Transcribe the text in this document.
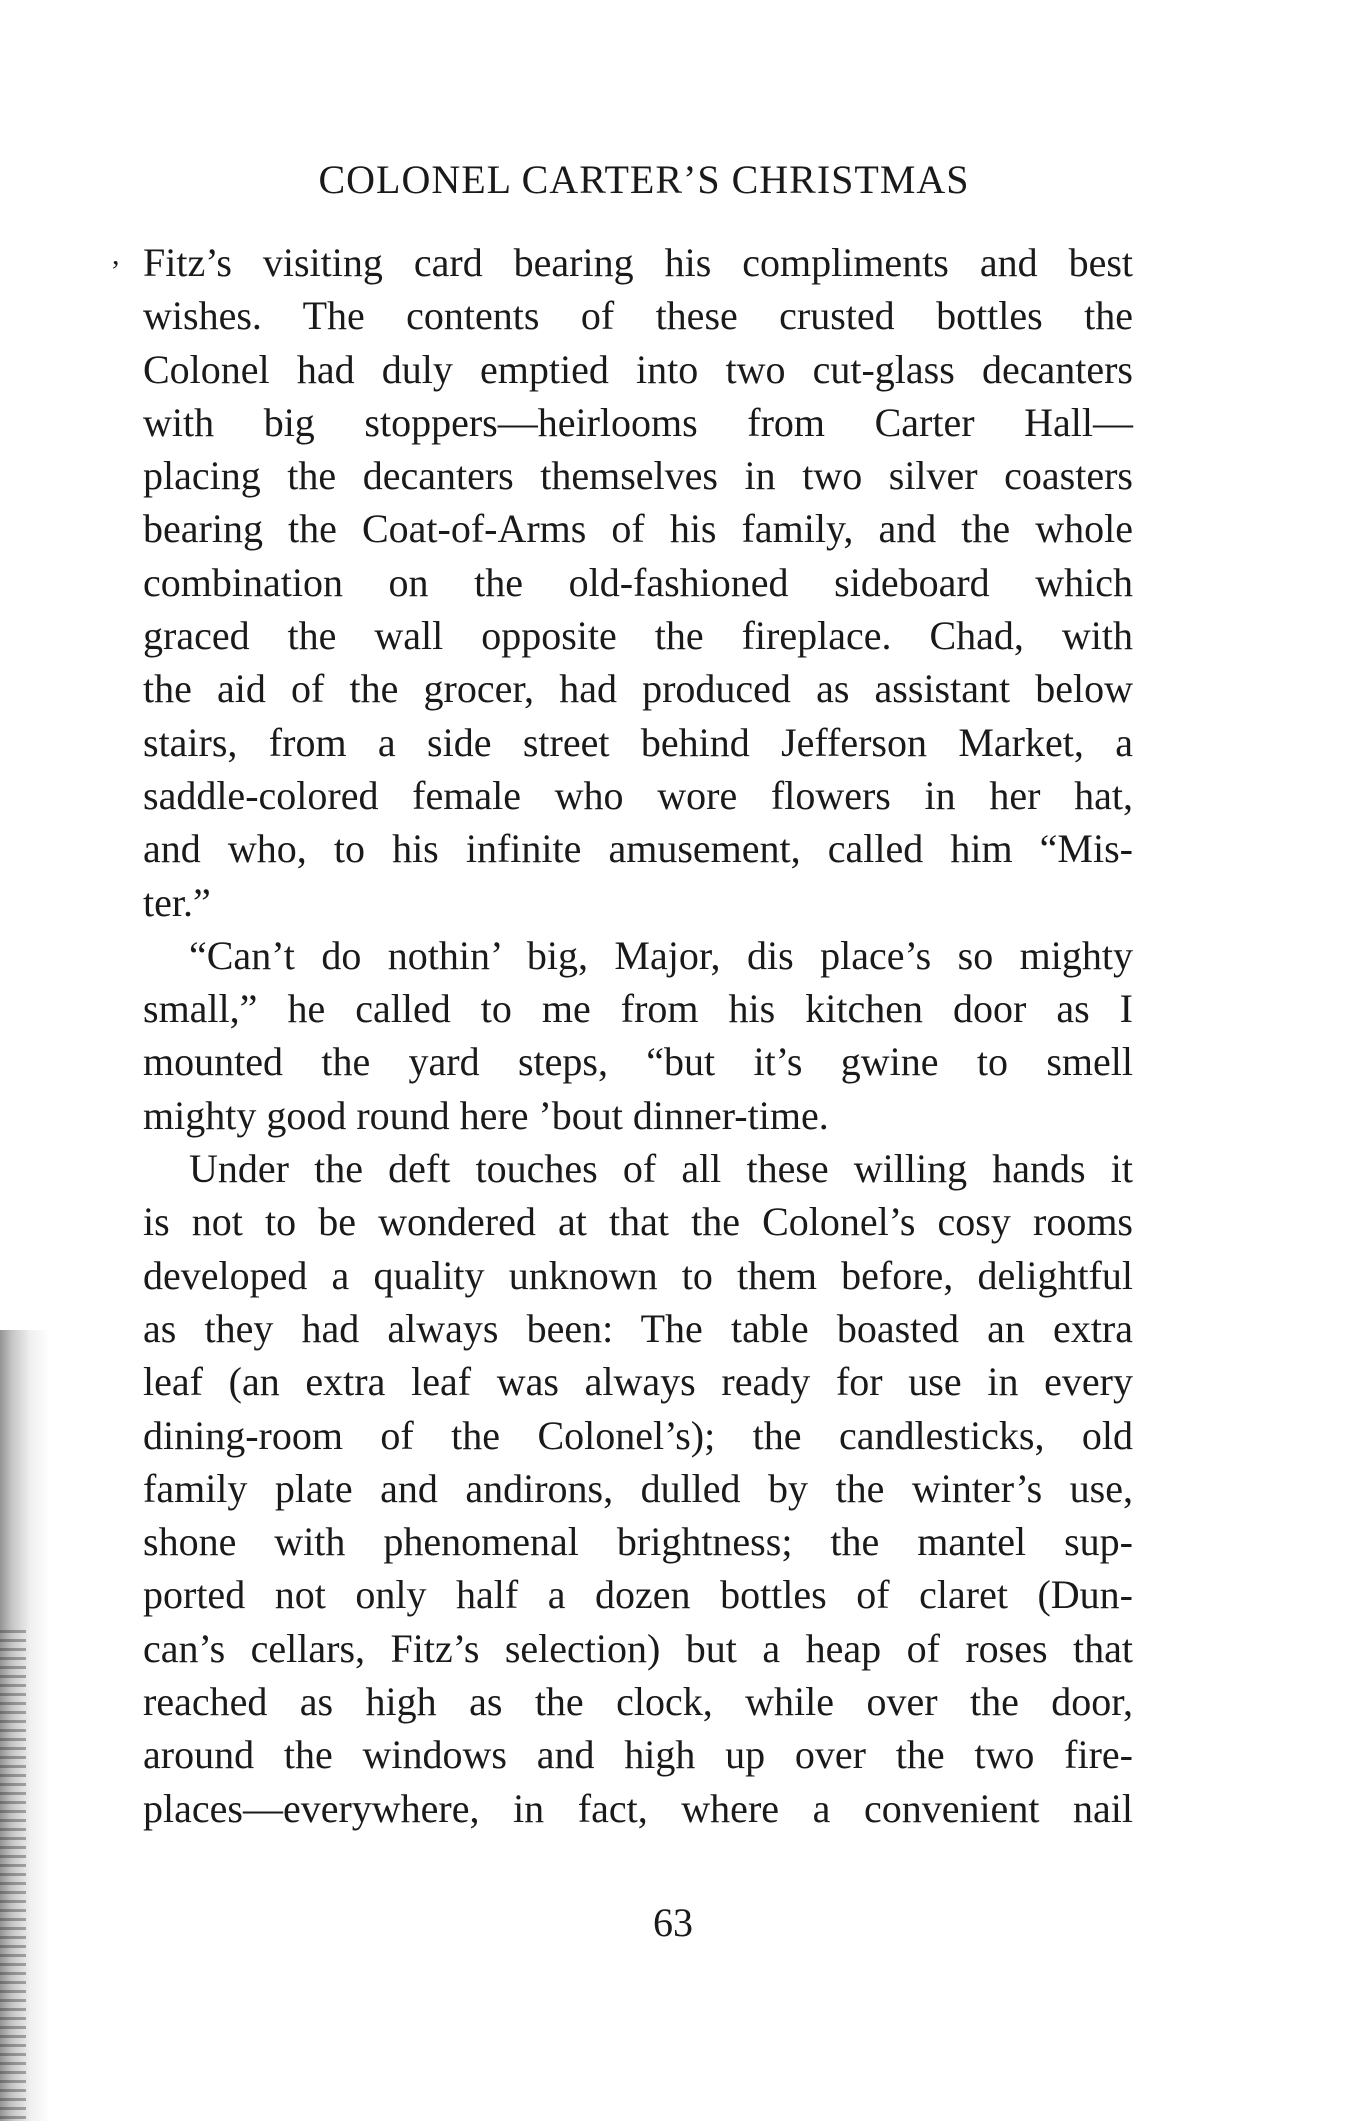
COLONEL CARTER’S CHRISTMAS
, Fitz’s visiting card bearing his compliments and best
wishes. The contents of these crusted bottles the
Colonel had duly emptied into two cut-glass decanters
with big stoppers—heirlooms from Carter Hall—
placing the decanters themselves in two silver coasters
bearing the Coat-of-Arms of his family, and the whole
combination on the old-fashioned sideboard which
graced the wall opposite the fireplace. Chad, with
the aid of the grocer, had produced as assistant below
stairs, from a side street behind Jefferson Market, a
saddle-colored female who wore flowers in her hat,
and who, to his infinite amusement, called him “Mis-
ter.”
“Can’t do nothin’ big, Major, dis place’s so mighty
small,” he called to me from his kitchen door as I
mounted the yard steps, “but it’s gwine to smell
mighty good round here ’bout dinner-time.
Under the deft touches of all these willing hands it
is not to be wondered at that the Colonel’s cosy rooms
developed a quality unknown to them before, delightful
as they had always been: The table boasted an extra
leaf (an extra leaf was always ready for use in every
dining-room of the Colonel’s); the candlesticks, old
family plate and andirons, dulled by the winter’s use,
shone with phenomenal brightness; the mantel sup-
ported not only half a dozen bottles of claret (Dun-
can’s cellars, Fitz’s selection) but a heap of roses that
reached as high as the clock, while over the door,
around the windows and high up over the two fire-
places—everywhere, in fact, where a convenient nail
63
